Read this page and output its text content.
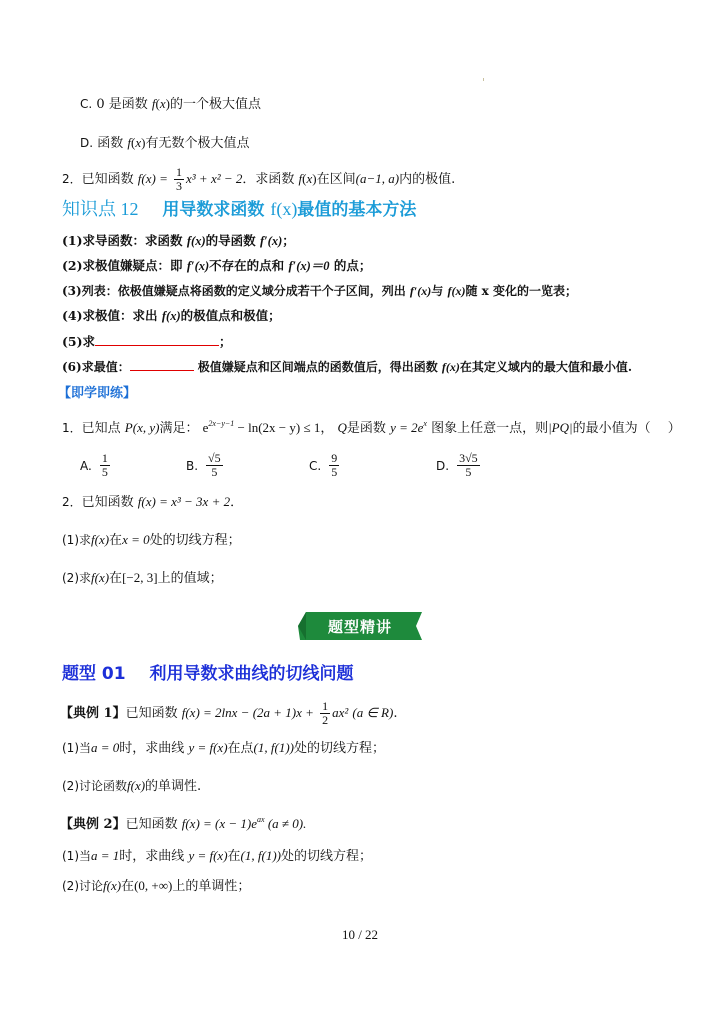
C. 0 是函数 f(x)的一个极大值点
D. 函数 f(x)有无数个极大值点
2．已知函数 $f(x) = \frac{1}{3} x^3 + x^2 - 2$．求函数 f(x)在区间(a−1, a)内的极值.
知识点 12 用导数求函数 f(x)最值的基本方法
(1)求导函数：求函数 f(x)的导函数 f′(x)；
(2)求极值嫌疑点：即 f′(x)不存在的点和 f′(x)＝0 的点；
(3)列表：依极值嫌疑点将函数的定义域分成若干个子区间，列出 f′(x)与 f(x)随 x 变化的一览表；
(4)求极值：求出 f(x)的极值点和极值；
(5)求	；
(6)求最值：	极值嫌疑点和区间端点的函数值后，得出函数 f(x)在其定义域内的最大值和最小值.
【即学即练】
1．已知点 P(x, y)满足： $e^{2x-y-1} - \ln(2x - y) \le 1$， Q是函数 $y = 2e^x$ 图象上任意一点，则|PQ|的最小值为（　 ）
A. $\frac{1}{5}$	B. $\frac{√5}{5}$	C. $\frac{9}{5}$	D. $\frac{3√5}{5}$
2．已知函数 f(x) = x³ − 3x + 2．
(1)求f(x)在x = 0处的切线方程；
(2)求f(x)在[−2, 3]上的值域；
题型精讲
题型 01 利用导数求曲线的切线问题
【典例 1】已知函数 $f(x) = 2\ln x - (2a + 1)x + \frac{1}{2} ax^2$ (a ∈ R).
(1)当a = 0时，求曲线 y = f(x)在点(1, f(1))处的切线方程；
(2)讨论函数f(x)的单调性.
【典例 2】已知函数 $f(x) = (x - 1)e^{ax}$ (a ≠ 0).
(1)当a = 1时，求曲线 y = f(x)在(1, f(1))处的切线方程；
(2)讨论f(x)在(0, +∞)上的单调性；
10 / 22
